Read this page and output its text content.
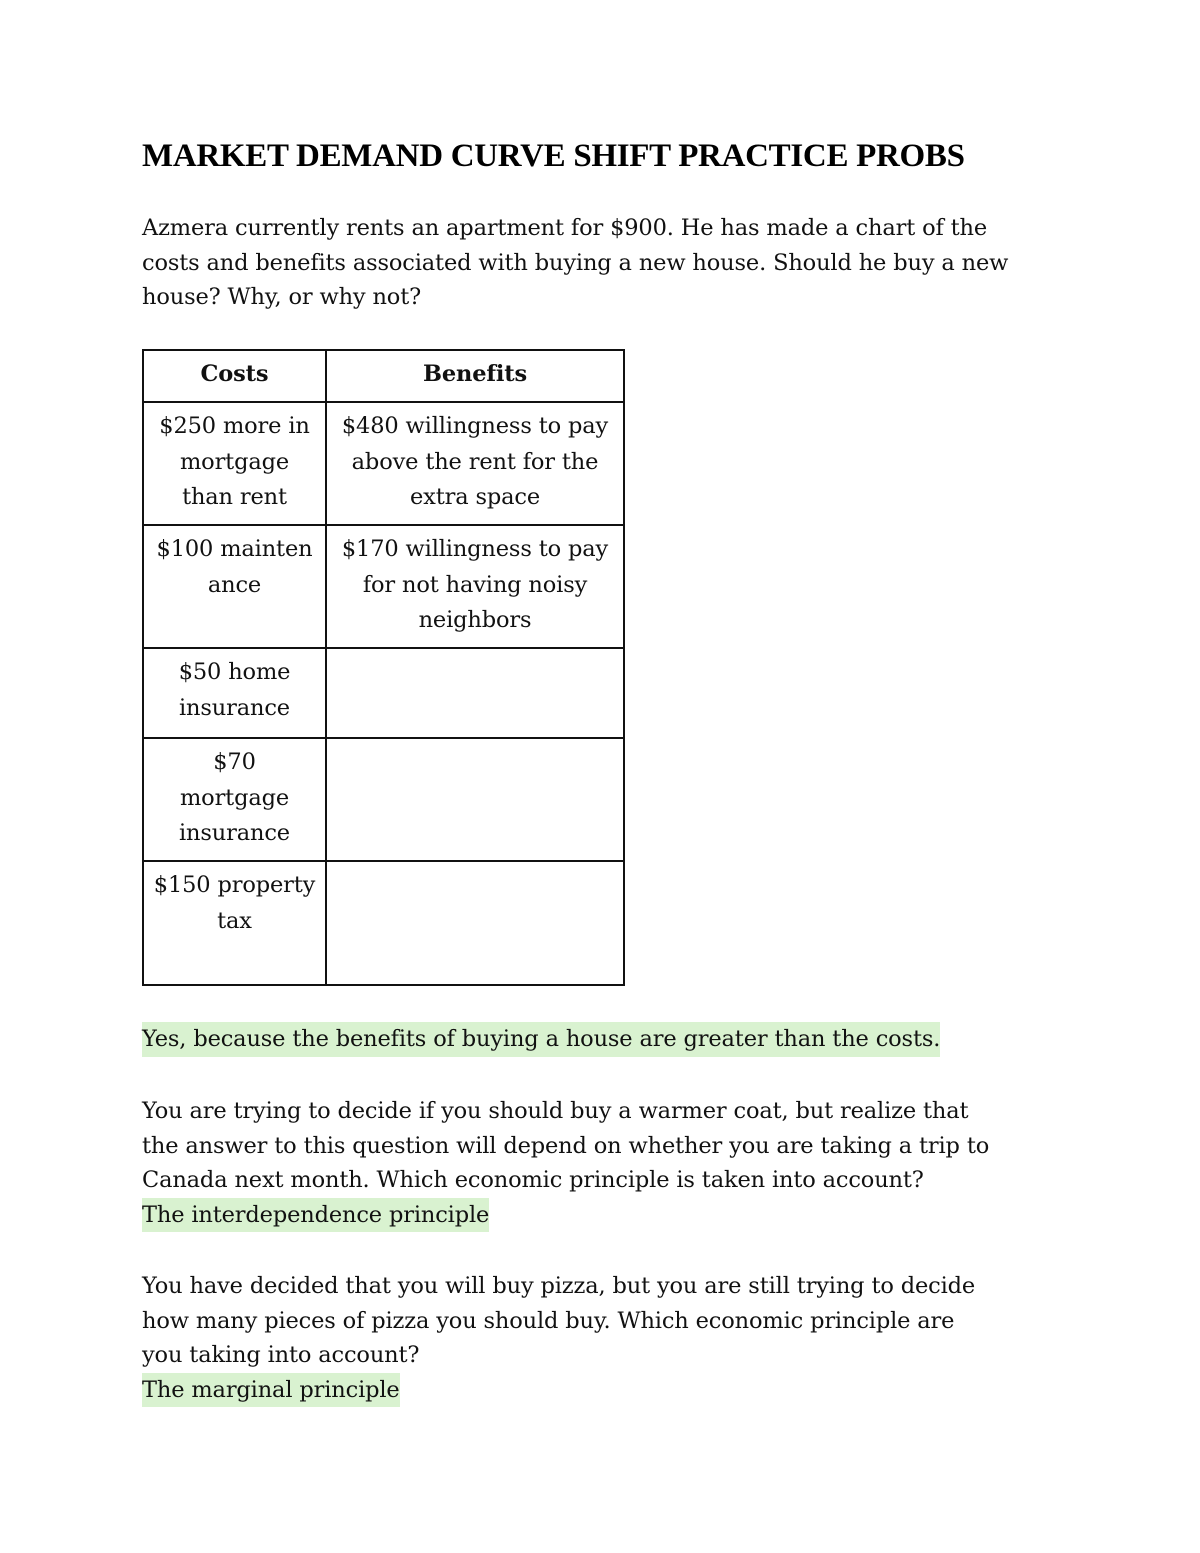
MARKET DEMAND CURVE SHIFT PRACTICE PROBS
Azmera currently rents an apartment for $900. He has made a chart of the
costs and benefits associated with buying a new house. Should he buy a new
house? Why, or why not?
Costs	Benefits
$250 more in mortgage than rent	$480 willingness to pay above the rent for the extra space
$100 maintenance	$170 willingness to pay for not having noisy neighbors
$50 home insurance	
$70 mortgage insurance	
$150 property tax	
Yes, because the benefits of buying a house are greater than the costs.
You are trying to decide if you should buy a warmer coat, but realize that
the answer to this question will depend on whether you are taking a trip to
Canada next month. Which economic principle is taken into account?
The interdependence principle
You have decided that you will buy pizza, but you are still trying to decide
how many pieces of pizza you should buy. Which economic principle are
you taking into account?
The marginal principle
